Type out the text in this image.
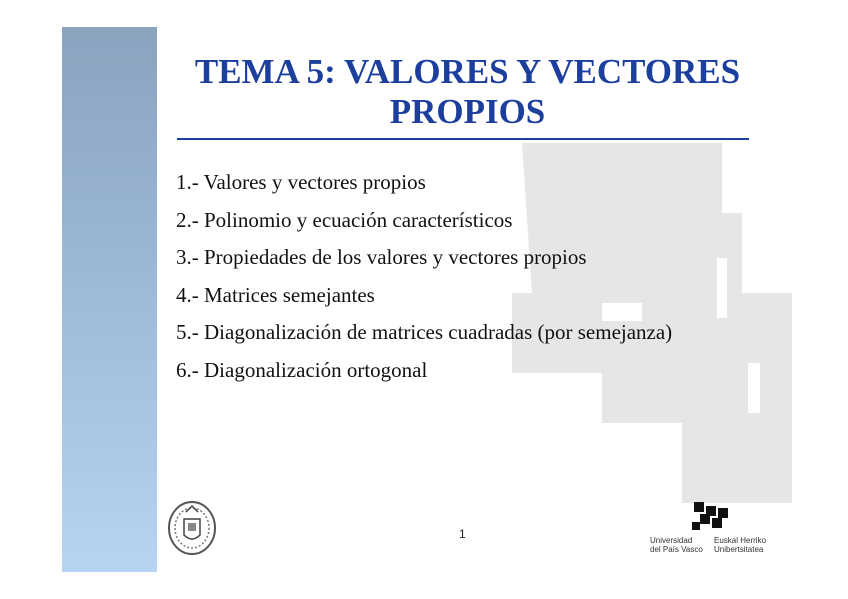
TEMA 5: VALORES Y VECTORES
PROPIOS
1.- Valores y vectores propios
2.- Polinomio y ecuación característicos
3.- Propiedades de los valores y vectores propios
4.- Matrices semejantes
5.- Diagonalización de matrices cuadradas (por semejanza)
6.- Diagonalización ortogonal
1	Universidad
del País Vasco
Euskal Herriko
Unibertsitatea
